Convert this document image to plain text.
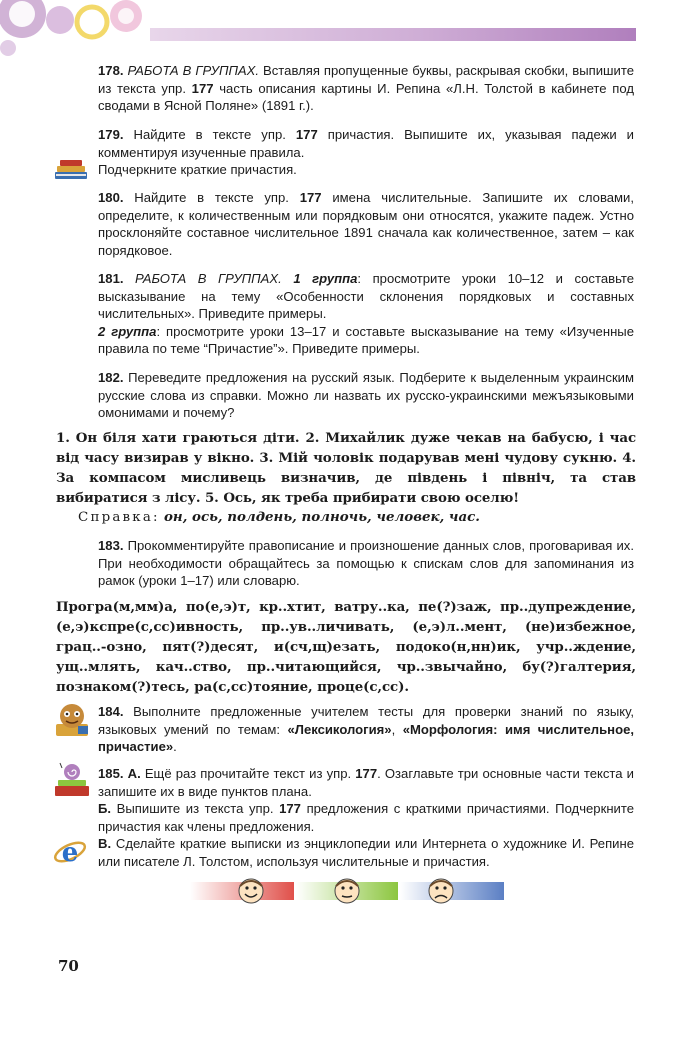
178. РАБОТА В ГРУППАХ. Вставляя пропущенные буквы, раскрывая скобки, выпишите из текста упр. 177 часть описания картины И. Репина «Л.Н. Толстой в кабинете под сводами в Ясной Поляне» (1891 г.).
179. Найдите в тексте упр. 177 причастия. Выпишите их, указывая падежи и комментируя изученные правила.
Подчеркните краткие причастия.
180. Найдите в тексте упр. 177 имена числительные. Запишите их словами, определите, к количественным или порядковым они относятся, укажите падеж. Устно просклоняйте составное числительное 1891 сначала как количественное, затем – как порядковое.
181. РАБОТА В ГРУППАХ. 1 группа: просмотрите уроки 10–12 и составьте высказывание на тему «Особенности склонения порядковых и составных числительных». Приведите примеры.
2 группа: просмотрите уроки 13–17 и составьте высказывание на тему «Изученные правила по теме “Причастие”». Приведите примеры.
182. Переведите предложения на русский язык. Подберите к выделенным украинским русские слова из справки. Можно ли назвать их русско-украинскими межъязыковыми омонимами и почему?
1. Он біля хати граються діти. 2. Михайлик дуже чекав на бабусю, і час від часу визирав у вікно. 3. Мій чоловік подарував мені чудову сукню. 4. За компасом мисливець визначив, де південь і північ, та став вибиратися з лісу. 5. Ось, як треба прибирати свою оселю!
Справка: он, ось, полдень, полночь, человек, час.
183. Прокомментируйте правописание и произношение данных слов, проговаривая их. При необходимости обращайтесь за помощью к спискам слов для запоминания из рамок (уроки 1–17) или словарю.
Програ(м,мм)а, по(е,э)т, кр..хтит, ватру..ка, пе(?)заж, пр..дупреждение, (е,э)кспре(с,сс)ивность, пр..ув..личивать, (е,э)л..мент, (не)избежное, грац..-озно, пят(?)десят, и(сч,щ)езать, подоко(н,нн)ик, учр..ждение, ущ..млять, кач..ство, пр..читающийся, чр..звычайно, бу(?)галтерия, познаком(?)тесь, ра(с,сс)тояние, проце(с,сс).
184. Выполните предложенные учителем тесты для проверки знаний по языку, языковых умений по темам: «Лексикология», «Морфология: имя числительное, причастие».
e
185. А. Ещё раз прочитайте текст из упр. 177. Озаглавьте три основные части текста и запишите их в виде пунктов плана.
Б. Выпишите из текста упр. 177 предложения с краткими причастиями. Подчеркните причастия как члены предложения.
В. Сделайте краткие выписки из энциклопедии или Интернета о художнике И. Репине или писателе Л. Толстом, используя числительные и причастия.
70
